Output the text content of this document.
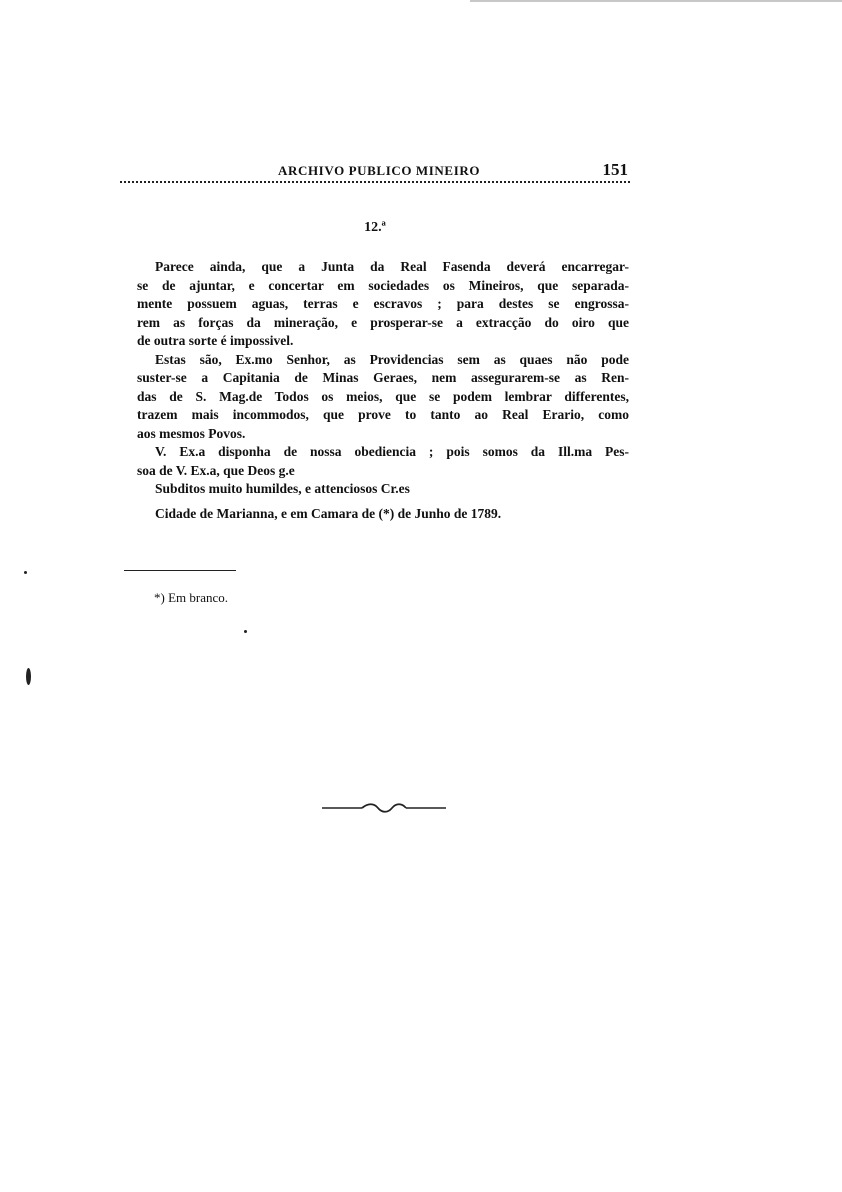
ARCHIVO PUBLICO MINEIRO	151
12.ª

Parece ainda, que a Junta da Real Fasenda deverá encarregar-
se de ajuntar, e concertar em sociedades os Mineiros, que separada-
mente possuem aguas, terras e escravos ; para destes se engrossa-
rem as forças da mineração, e prosperar-se a extracção do oiro que
de outra sorte é impossivel.

Estas são, Ex.mo Senhor, as Providencias sem as quaes não pode
suster-se a Capitania de Minas Geraes, nem assegurarem-se as Ren-
das de S. Mag.de Todos os meios, que se podem lembrar differentes,
trazem mais incommodos, que prove to tanto ao Real Erario, como
aos mesmos Povos.

V. Ex.a disponha de nossa obediencia ; pois somos da Ill.ma Pes-
soa de V. Ex.a, que Deos g.e

Subditos muito humildes, e attenciosos Cr.es

Cidade de Marianna, e em Camara de (*) de Junho de 1789.

*) Em branco.
